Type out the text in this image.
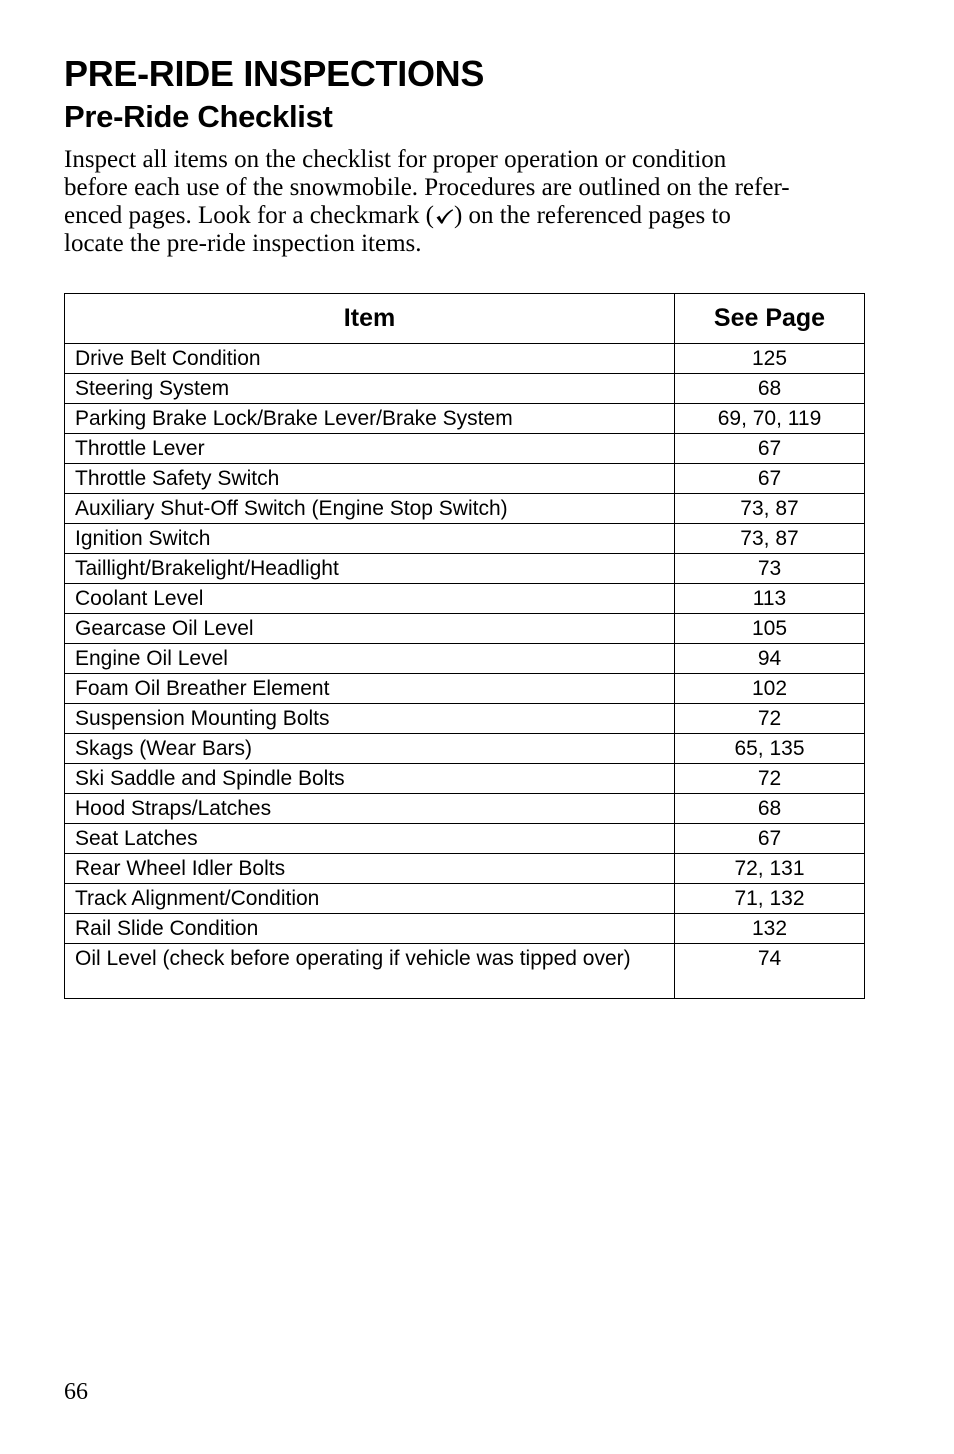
PRE-RIDE INSPECTIONS
Pre-Ride Checklist

Inspect all items on the checklist for proper operation or condition
before each use of the snowmobile. Procedures are outlined on the refer-
enced pages. Look for a checkmark ( ) on the referenced pages to
locate the pre-ride inspection items.

Item	See Page
Drive Belt Condition	125
Steering System	68
Parking Brake Lock/Brake Lever/Brake System	69, 70, 119
Throttle Lever	67
Throttle Safety Switch	67
Auxiliary Shut-Off Switch (Engine Stop Switch)	73, 87
Ignition Switch	73, 87
Taillight/Brakelight/Headlight	73
Coolant Level	113
Gearcase Oil Level	105
Engine Oil Level	94
Foam Oil Breather Element	102
Suspension Mounting Bolts	72
Skags (Wear Bars)	65, 135
Ski Saddle and Spindle Bolts	72
Hood Straps/Latches	68
Seat Latches	67
Rear Wheel Idler Bolts	72, 131
Track Alignment/Condition	71, 132
Rail Slide Condition	132
Oil Level (check before operating if vehicle was tipped over)	74

66
